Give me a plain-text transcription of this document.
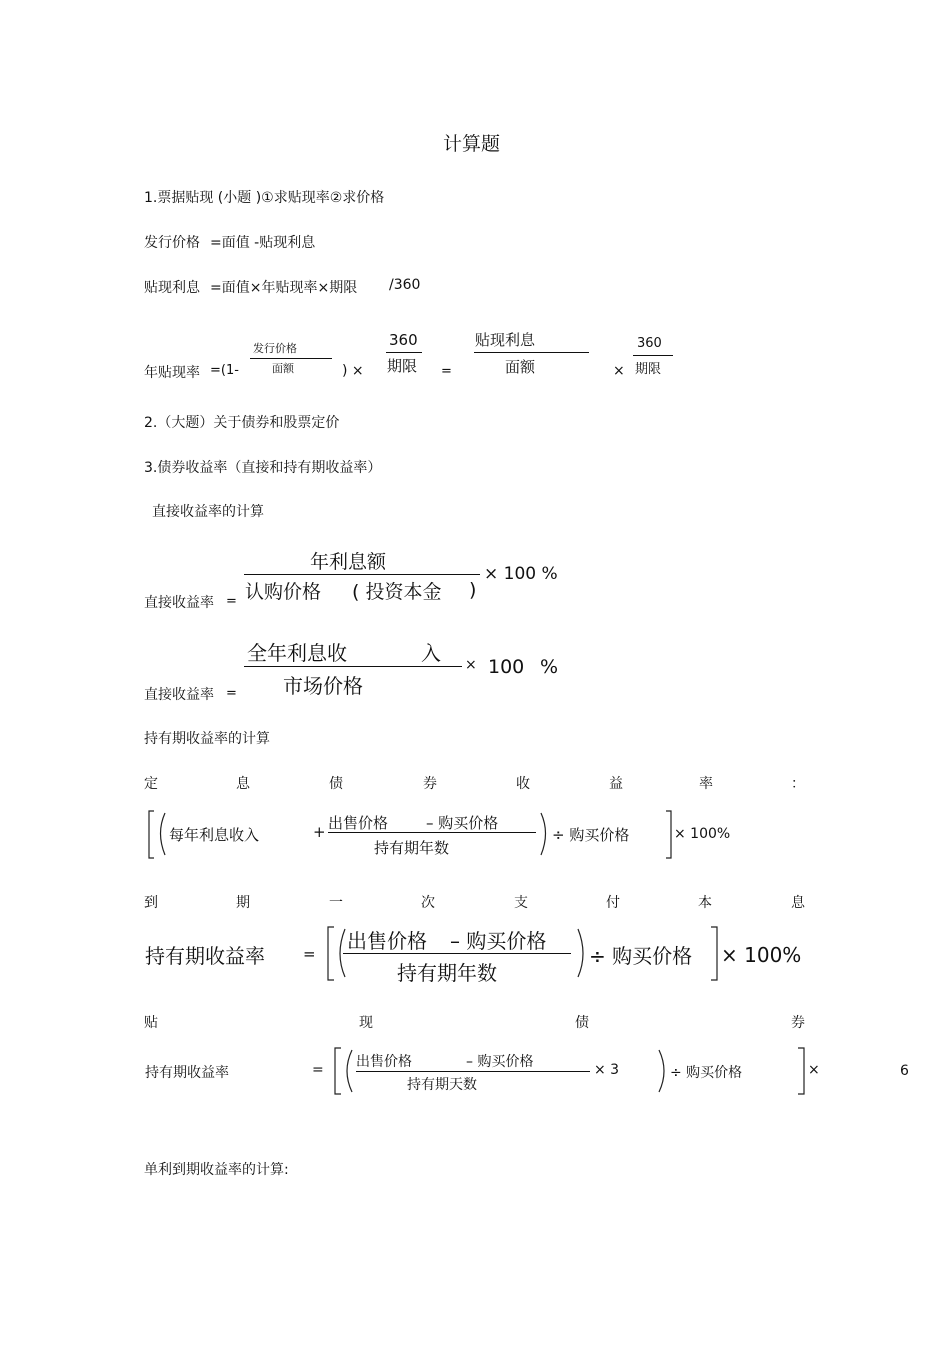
计算题
1.票据贴现 (小题 )①求贴现率②求价格
发行价格 =面值 -贴现利息
贴现利息 =面值×年贴现率×期限 /360
年贴现率 =(1-
发行价格
面额	) ×
360
期限 =
贴现利息
面额	×
360
期限
2.（大题）关于债券和股票定价
3.债券收益率（直接和持有期收益率）
直接收益率的计算
直接收益率 =
年利息额
认购价格 ( 投资本金 )
× 100 %
直接收益率 =
全年利息收	入
市场价格
× 100 %
持有期收益率的计算
定	息	债	券	收	益	率	：
每年利息收入	+ 出售价格	– 购买价格
持有期年数
÷ 购买价格	× 100%
到	期	一	次	支	付	本	息
持有期收益率	=
出售价格 – 购买价格
持有期年数
÷ 购买价格 × 100%
贴	现	债	券
持有期收益率	= 出售价格	– 购买价格
持有期天数
× 3	÷ 购买价格	×	6
单利到期收益率的计算:
